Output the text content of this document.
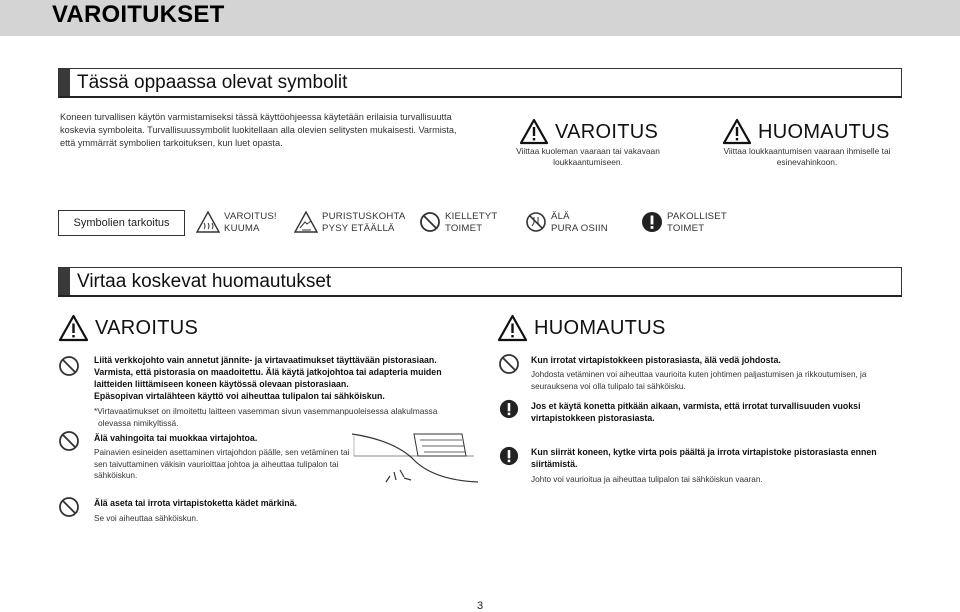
VAROITUKSET
Tässä oppaassa olevat symbolit
Koneen turvallisen käytön varmistamiseksi tässä käyttöohjeessa käytetään erilaisia turvallisuutta
koskevia symboleita. Turvallisuussymbolit luokitellaan alla olevien selitysten mukaisesti. Varmista,
että ymmärrät symbolien tarkoituksen, kun luet opasta.
VAROITUS
Viittaa kuoleman vaaraan tai vakavaan
loukkaantumiseen.
HUOMAUTUS
Viittaa loukkaantumisen vaaraan ihmiselle tai
esinevahinkoon.
Symbolien tarkoitus
VAROITUS!
KUUMA
PURISTUSKOHTA
PYSY ETÄÄLLÄ
KIELLETYT
TOIMET
ÄLÄ
PURA OSIIN
PAKOLLISET
TOIMET
Virtaa koskevat huomautukset
VAROITUS
Liitä verkkojohto vain annetut jännite- ja virtavaatimukset täyttävään pistorasiaan.
Varmista, että pistorasia on maadoitettu. Älä käytä jatkojohtoa tai adapteria muiden
laitteiden liittämiseen koneen käytössä olevaan pistorasiaan.
Epäsopivan virtalähteen käyttö voi aiheuttaa tulipalon tai sähköiskun.
*Virtavaatimukset on ilmoitettu laitteen vasemman sivun vasemmanpuoleisessa alakulmassa
olevassa nimikyltissä.
Älä vahingoita tai muokkaa virtajohtoa.
Painavien esineiden asettaminen virtajohdon päälle, sen vetäminen tai
sen taivuttaminen väkisin vaurioittaa johtoa ja aiheuttaa tulipalon tai
sähköiskun.
Älä aseta tai irrota virtapistoketta kädet märkinä.
Se voi aiheuttaa sähköiskun.
HUOMAUTUS
Kun irrotat virtapistokkeen pistorasiasta, älä vedä johdosta.
Johdosta vetäminen voi aiheuttaa vaurioita kuten johtimen paljastumisen ja rikkoutumisen, ja
seurauksena voi olla tulipalo tai sähköisku.
Jos et käytä konetta pitkään aikaan, varmista, että irrotat turvallisuuden vuoksi
virtapistokkeen pistorasiasta.
Kun siirrät koneen, kytke virta pois päältä ja irrota virtapistoke pistorasiasta ennen
siirtämistä.
Johto voi vaurioitua ja aiheuttaa tulipalon tai sähköiskun vaaran.
3
